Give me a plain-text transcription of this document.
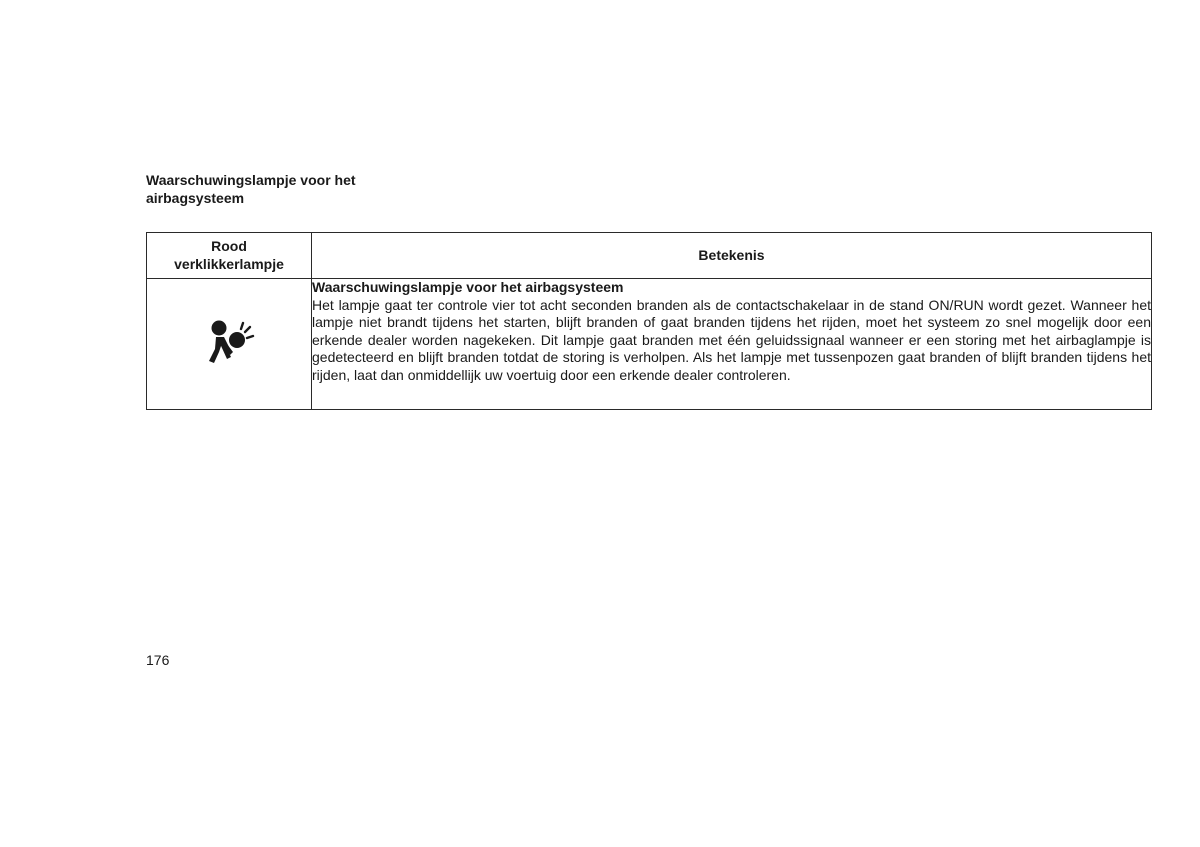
Waarschuwingslampje voor het
airbagsysteem
Rood
verklikkerlampje	Betekenis

Waarschuwingslampje voor het airbagsysteem
Het lampje gaat ter controle vier tot acht seconden branden als de contactschakelaar in de stand ON/RUN wordt gezet. Wanneer het lampje niet brandt tijdens het starten, blijft branden of gaat branden tijdens het rijden, moet het systeem zo snel mogelijk door een erkende dealer worden nagekeken. Dit lampje gaat branden met één geluidssignaal wanneer er een storing met het airbaglampje is gedetecteerd en blijft branden totdat de storing is verholpen. Als het lampje met tussenpozen gaat branden of blijft branden tijdens het rijden, laat dan onmiddellijk uw voertuig door een erkende dealer controleren.
176
